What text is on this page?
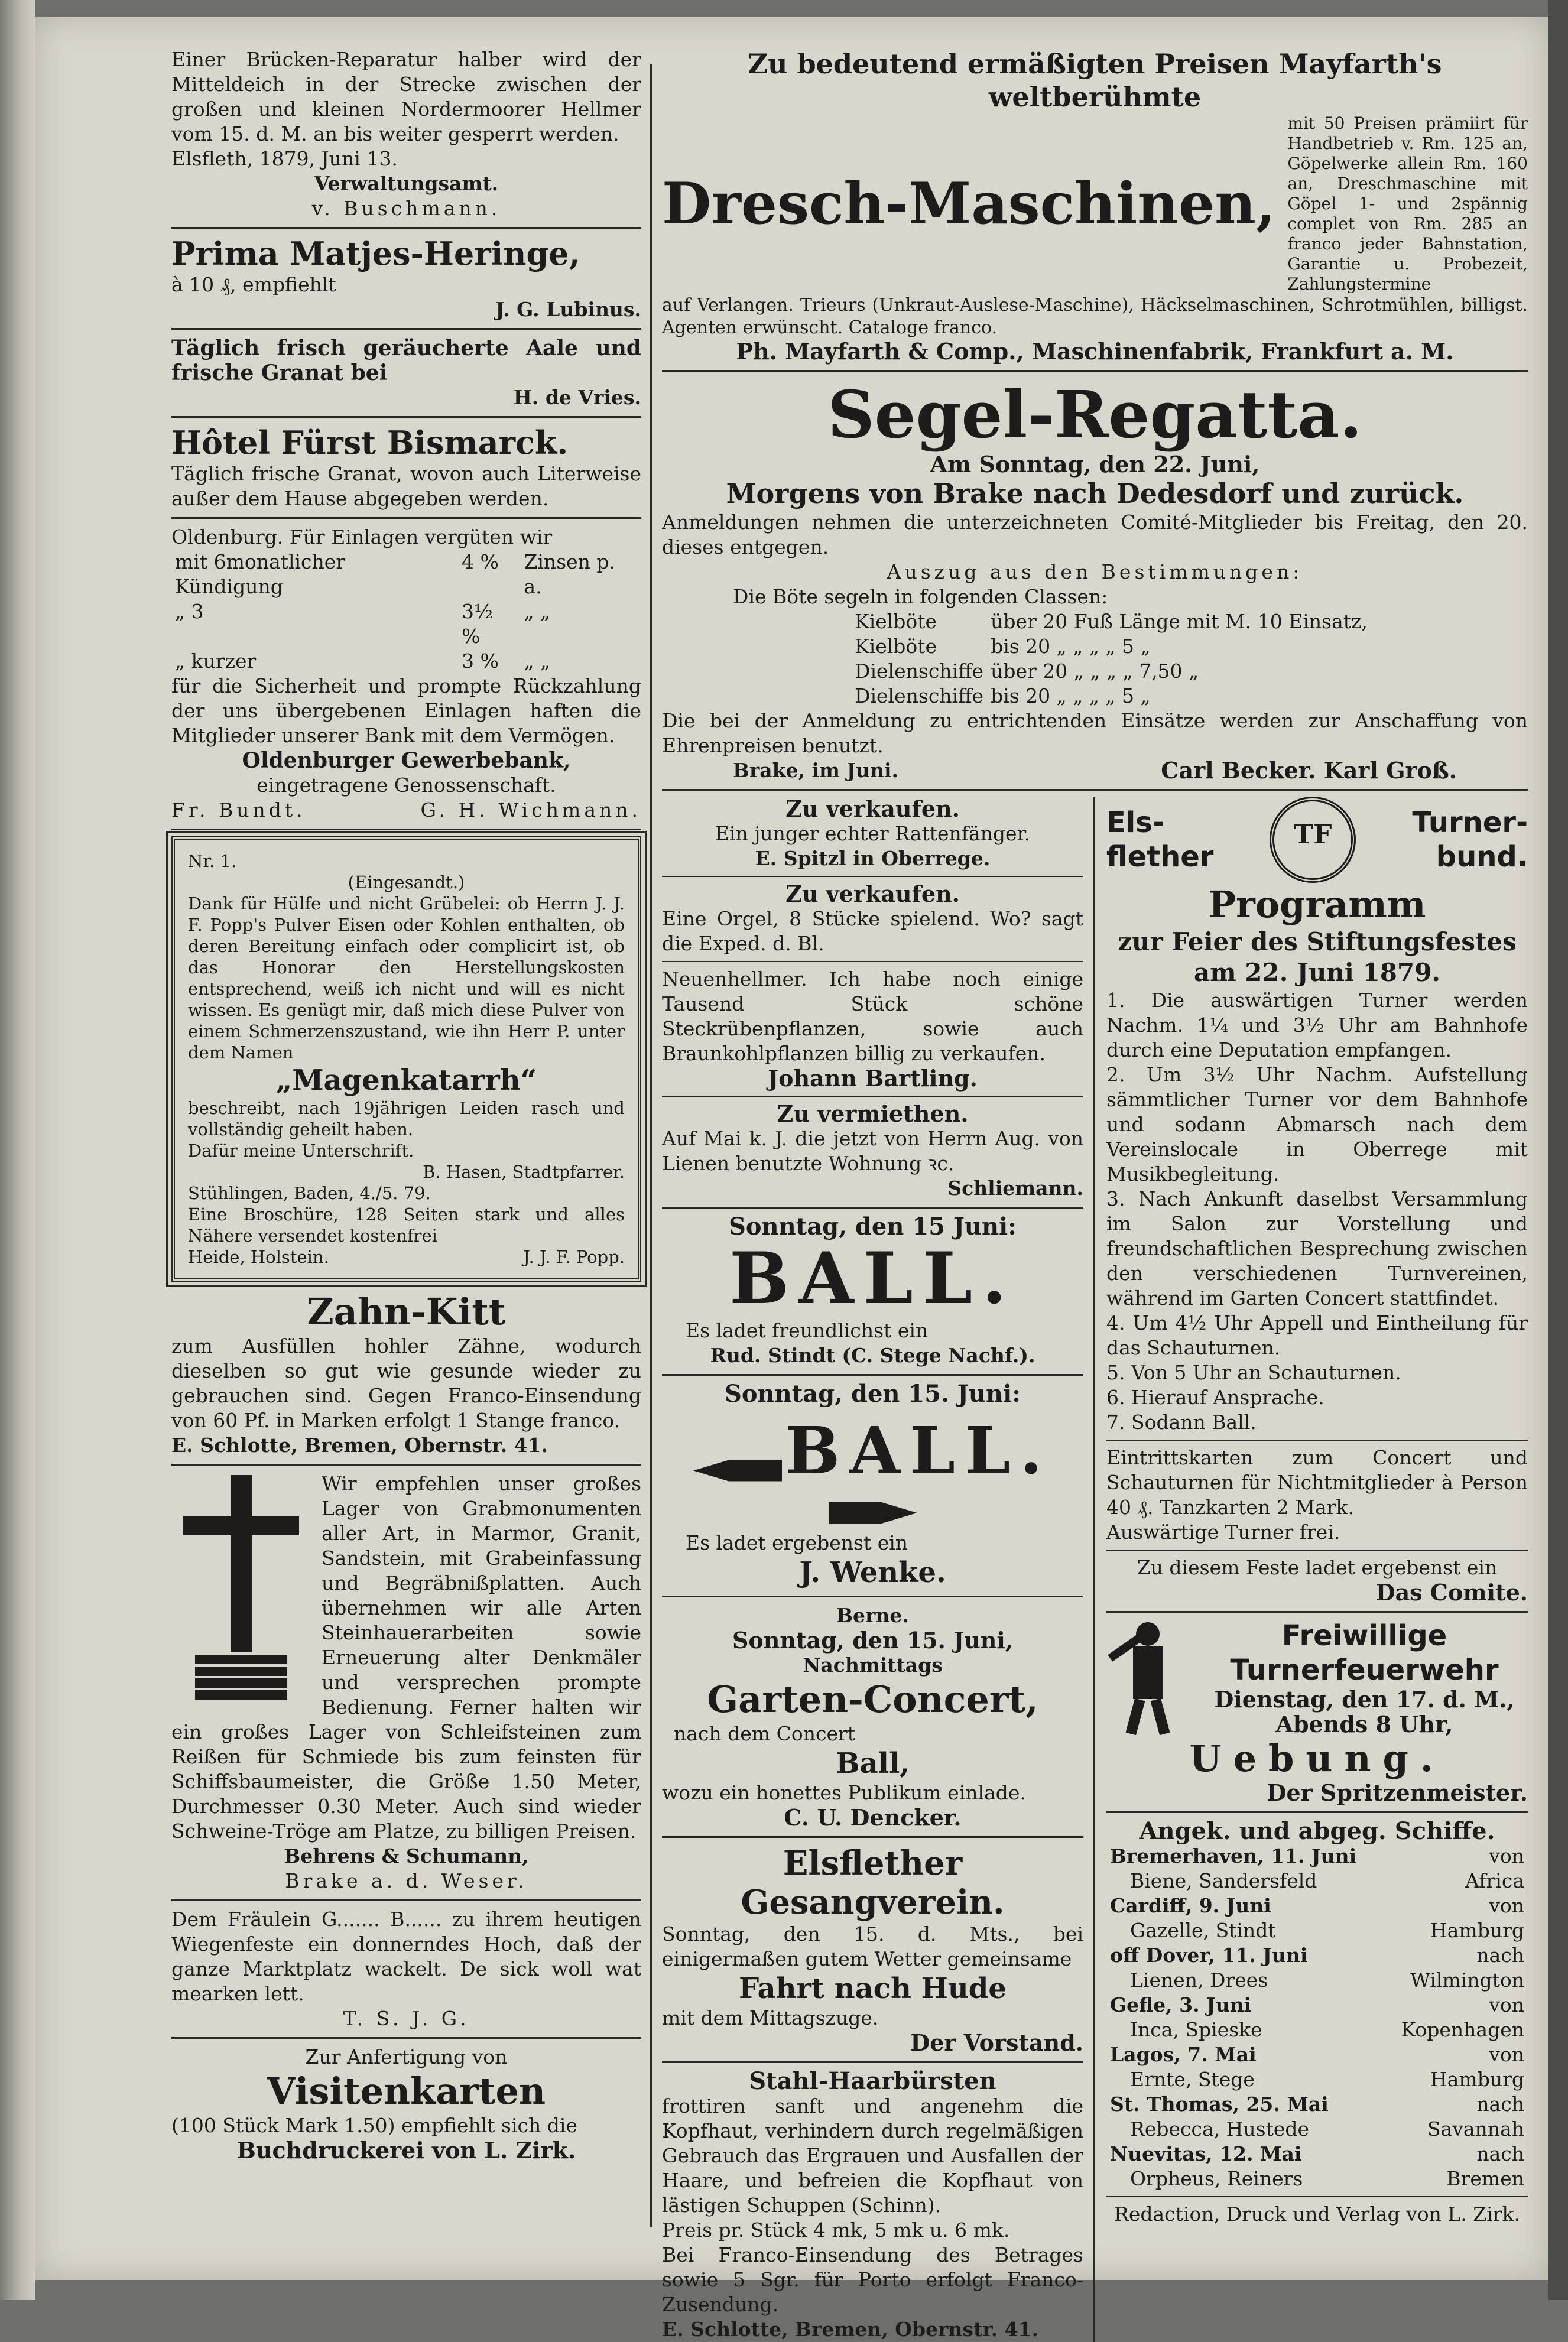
Einer Brücken-Reparatur halber wird der Mitteldeich in der Strecke zwischen der großen und kleinen Nordermoorer Hellmer vom 15. d. M. an bis weiter gesperrt werden.

Elsfleth, 1879, Juni 13.

Verwaltungsamt.

v. Buschmann.

Prima Matjes-Heringe,

à 10 ₰, empfiehlt

J. G. Lubinus.

Täglich frisch geräucherte Aale und frische Granat bei

H. de Vries.

Hôtel Fürst Bismarck.

Täglich frische Granat, wovon auch Literweise außer dem Hause abgegeben werden.

Oldenburg. Für Einlagen vergüten wir

mit 6monatlicher Kündigung	4 %	Zinsen p. a.
„ 3	3½ %	„ „
„ kurzer	3 %	„ „

für die Sicherheit und prompte Rückzahlung der uns übergebenen Einlagen haften die Mitglieder unserer Bank mit dem Vermögen.

Oldenburger Gewerbebank,

eingetragene Genossenschaft.

Fr. Bundt.	G. H. Wichmann.

Nr. 1.

(Eingesandt.)

Dank für Hülfe und nicht Grübelei: ob Herrn J. J. F. Popp's Pulver Eisen oder Kohlen enthalten, ob deren Bereitung einfach oder complicirt ist, ob das Honorar den Herstellungskosten entsprechend, weiß ich nicht und will es nicht wissen. Es genügt mir, daß mich diese Pulver von einem Schmerzenszustand, wie ihn Herr P. unter dem Namen

„Magenkatarrh“

beschreibt, nach 19jährigen Leiden rasch und vollständig geheilt haben.

Dafür meine Unterschrift.

B. Hasen, Stadtpfarrer.

Stühlingen, Baden, 4./5. 79.

Eine Broschüre, 128 Seiten stark und alles Nähere versendet kostenfrei

Heide, Holstein.	J. J. F. Popp.

Zahn-Kitt

zum Ausfüllen hohler Zähne, wodurch dieselben so gut wie gesunde wieder zu gebrauchen sind. Gegen Franco-Einsendung von 60 Pf. in Marken erfolgt 1 Stange franco.

E. Schlotte, Bremen, Obernstr. 41.

Wir empfehlen unser großes Lager von Grabmonumenten aller Art, in Marmor, Granit, Sandstein, mit Grabeinfassung und Begräbnißplatten. Auch übernehmen wir alle Arten Steinhauerarbeiten sowie Erneuerung alter Denkmäler und versprechen prompte Bedienung. Ferner halten wir ein großes Lager von Schleifsteinen zum Reißen für Schmiede bis zum feinsten für Schiffsbaumeister, die Größe 1.50 Meter, Durchmesser 0.30 Meter. Auch sind wieder Schweine-Tröge am Platze, zu billigen Preisen.

Behrens & Schumann,

Brake a. d. Weser.

Dem Fräulein G....... B...... zu ihrem heutigen Wiegenfeste ein donnerndes Hoch, daß der ganze Marktplatz wackelt. De sick woll wat mearken lett.

T. S. J. G.

Zur Anfertigung von

Visitenkarten

(100 Stück Mark 1.50) empfiehlt sich die

Buchdruckerei von L. Zirk.

Zu bedeutend ermäßigten Preisen Mayfarth's weltberühmte

Dresch-Maschinen,

mit 50 Preisen prämiirt für Handbetrieb v. Rm. 125 an, Göpelwerke allein Rm. 160 an, Dreschmaschine mit Göpel 1- und 2spännig complet von Rm. 285 an franco jeder Bahnstation, Garantie u. Probezeit, Zahlungstermine

auf Verlangen. Trieurs (Unkraut-Auslese-Maschine), Häckselmaschinen, Schrotmühlen, billigst. Agenten erwünscht. Cataloge franco.

Ph. Mayfarth & Comp., Maschinenfabrik, Frankfurt a. M.

Segel-Regatta.

Am Sonntag, den 22. Juni,

Morgens von Brake nach Dedesdorf und zurück.

Anmeldungen nehmen die unterzeichneten Comité-Mitglieder bis Freitag, den 20. dieses entgegen.

Auszug aus den Bestimmungen:

Die Böte segeln in folgenden Classen:

Kielböte	über 20 Fuß Länge mit M. 10 Einsatz,
Kielböte	bis 20 „ „ „ „ 5 „
Dielenschiffe	über 20 „ „ „ „ 7,50 „
Dielenschiffe	bis 20 „ „ „ „ 5 „

Die bei der Anmeldung zu entrichtenden Einsätze werden zur Anschaffung von Ehrenpreisen benutzt.

Brake, im Juni.	Carl Becker. Karl Groß.

Zu verkaufen.

Ein junger echter Rattenfänger.

E. Spitzl in Oberrege.

Zu verkaufen.

Eine Orgel, 8 Stücke spielend. Wo? sagt die Exped. d. Bl.

Neuenhellmer. Ich habe noch einige Tausend Stück schöne Steckrübenpflanzen, sowie auch Braunkohlpflanzen billig zu verkaufen.

Johann Bartling.

Zu vermiethen.

Auf Mai k. J. die jetzt von Herrn Aug. von Lienen benutzte Wohnung ꝛc.

Schliemann.

Sonntag, den 15 Juni:

BALL.

Es ladet freundlichst ein

Rud. Stindt (C. Stege Nachf.).

Sonntag, den 15. Juni:

BALL.

Es ladet ergebenst ein

J. Wenke.

Berne.

Sonntag, den 15. Juni,

Nachmittags

Garten-Concert,

nach dem Concert

Ball,

wozu ein honettes Publikum einlade.

C. U. Dencker.

Elsflether Gesangverein.

Sonntag, den 15. d. Mts., bei einigermaßen gutem Wetter gemeinsame

Fahrt nach Hude

mit dem Mittagszuge.

Der Vorstand.

Stahl-Haarbürsten

frottiren sanft und angenehm die Kopfhaut, verhindern durch regelmäßigen Gebrauch das Ergrauen und Ausfallen der Haare, und befreien die Kopfhaut von lästigen Schuppen (Schinn).

Preis pr. Stück 4 mk, 5 mk u. 6 mk.

Bei Franco-Einsendung des Betrages sowie 5 Sgr. für Porto erfolgt Franco-Zusendung.

E. Schlotte, Bremen, Obernstr. 41.

Els-

flether

TF	Turner-

bund.

Programm

zur Feier des Stiftungsfestes

am 22. Juni 1879.

1. Die auswärtigen Turner werden Nachm. 1¼ und 3½ Uhr am Bahnhofe durch eine Deputation empfangen.

2. Um 3½ Uhr Nachm. Aufstellung sämmtlicher Turner vor dem Bahnhofe und sodann Abmarsch nach dem Vereinslocale in Oberrege mit Musikbegleitung.

3. Nach Ankunft daselbst Versammlung im Salon zur Vorstellung und freundschaftlichen Besprechung zwischen den verschiedenen Turnvereinen, während im Garten Concert stattfindet.

4. Um 4½ Uhr Appell und Eintheilung für das Schauturnen.

5. Von 5 Uhr an Schauturnen.

6. Hierauf Ansprache.

7. Sodann Ball.

Eintrittskarten zum Concert und Schauturnen für Nichtmitglieder à Person 40 ₰. Tanzkarten 2 Mark.

Auswärtige Turner frei.

Zu diesem Feste ladet ergebenst ein

Das Comite.

Freiwillige

Turnerfeuerwehr

Dienstag, den 17. d. M.,

Abends 8 Uhr,

Uebung.

Der Spritzenmeister.

Angek. und abgeg. Schiffe.

Bremerhaven, 11. Juni	von
Biene, Sandersfeld	Africa
Cardiff, 9. Juni	von
Gazelle, Stindt	Hamburg
off Dover, 11. Juni	nach
Lienen, Drees	Wilmington
Gefle, 3. Juni	von
Inca, Spieske	Kopenhagen
Lagos, 7. Mai	von
Ernte, Stege	Hamburg
St. Thomas, 25. Mai	nach
Rebecca, Hustede	Savannah
Nuevitas, 12. Mai	nach
Orpheus, Reiners	Bremen

Redaction, Druck und Verlag von L. Zirk.
